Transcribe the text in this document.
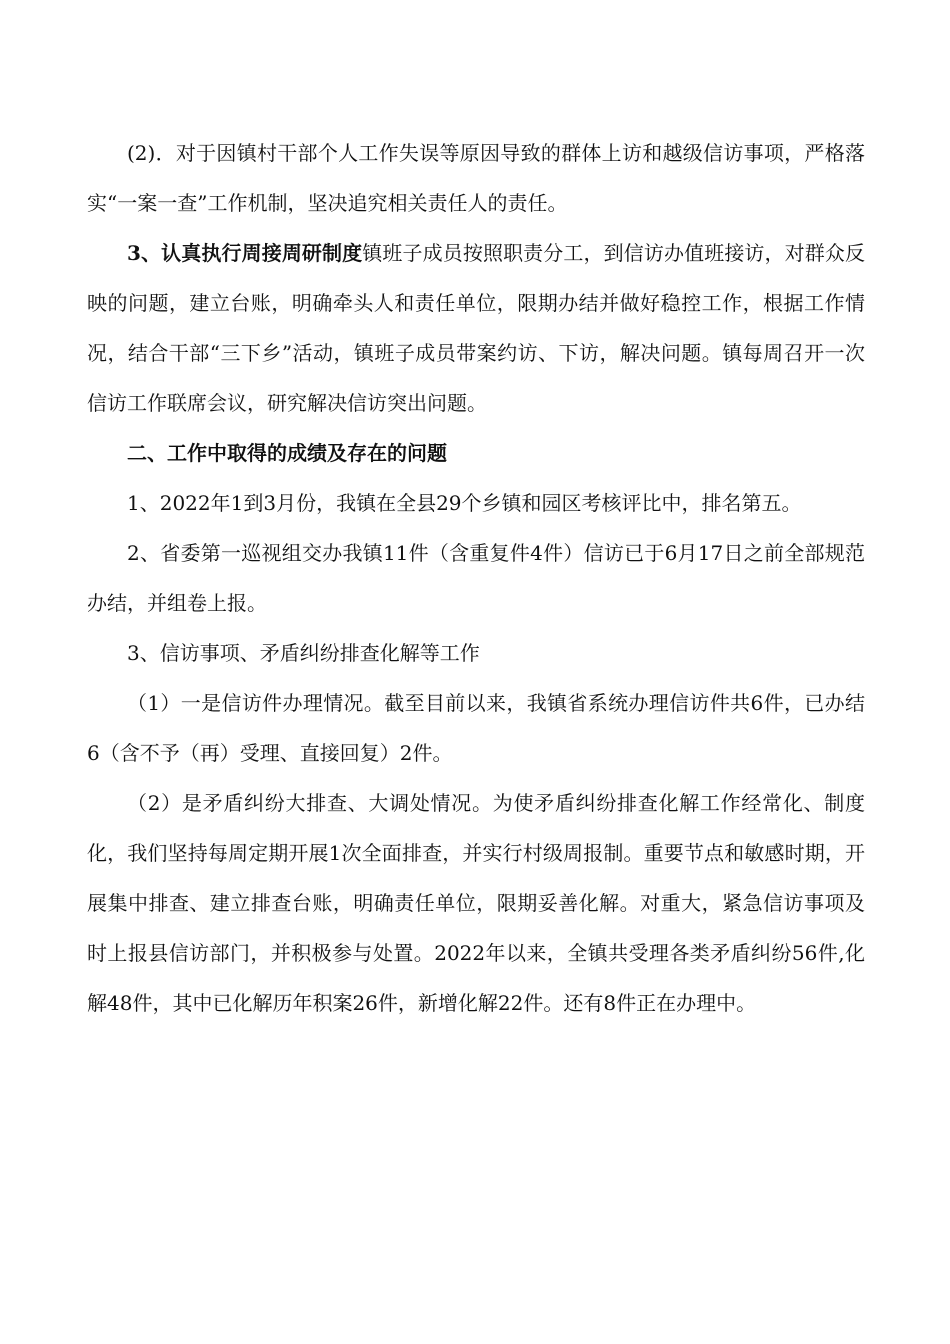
(2)．对于因镇村干部个人工作失误等原因导致的群体上访和越级信访事项，严格落实“一案一查”工作机制，坚决追究相关责任人的责任。

3、认真执行周接周研制度镇班子成员按照职责分工，到信访办值班接访，对群众反映的问题，建立台账，明确牵头人和责任单位，限期办结并做好稳控工作，根据工作情况，结合干部“三下乡”活动，镇班子成员带案约访、下访，解决问题。镇每周召开一次信访工作联席会议，研究解决信访突出问题。

二、工作中取得的成绩及存在的问题

1、2022年1到3月份，我镇在全县29个乡镇和园区考核评比中，排名第五。

2、省委第一巡视组交办我镇11件（含重复件4件）信访已于6月17日之前全部规范办结，并组卷上报。

3、信访事项、矛盾纠纷排查化解等工作

（1）一是信访件办理情况。截至目前以来，我镇省系统办理信访件共6件，已办结6（含不予（再）受理、直接回复）2件。

（2）是矛盾纠纷大排查、大调处情况。为使矛盾纠纷排查化解工作经常化、制度化，我们坚持每周定期开展1次全面排查，并实行村级周报制。重要节点和敏感时期，开展集中排查、建立排查台账，明确责任单位，限期妥善化解。对重大，紧急信访事项及时上报县信访部门，并积极参与处置。2022年以来，全镇共受理各类矛盾纠纷56件,化解48件，其中已化解历年积案26件，新增化解22件。还有8件正在办理中。
